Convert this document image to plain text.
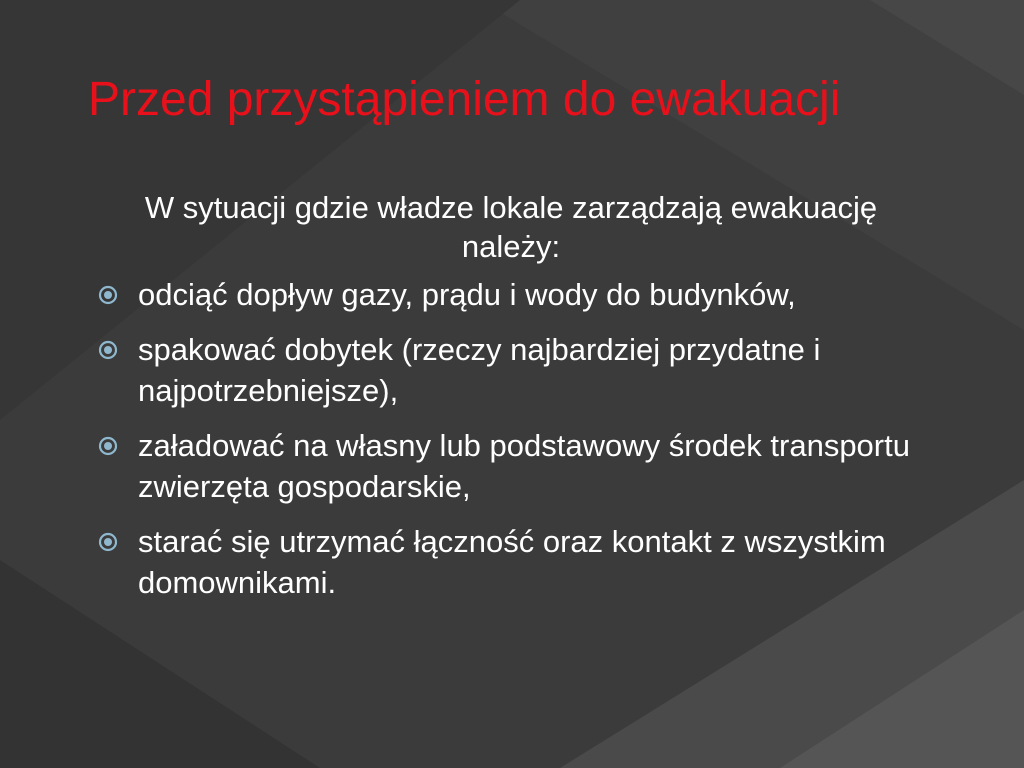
Przed przystąpieniem do ewakuacji
W sytuacji gdzie władze lokale zarządzają ewakuację należy:
odciąć dopływ gazy, prądu i wody do budynków,
spakować dobytek (rzeczy najbardziej przydatne i najpotrzebniejsze),
załadować na własny lub podstawowy środek transportu zwierzęta gospodarskie,
starać się utrzymać łączność oraz kontakt z wszystkim domownikami.
